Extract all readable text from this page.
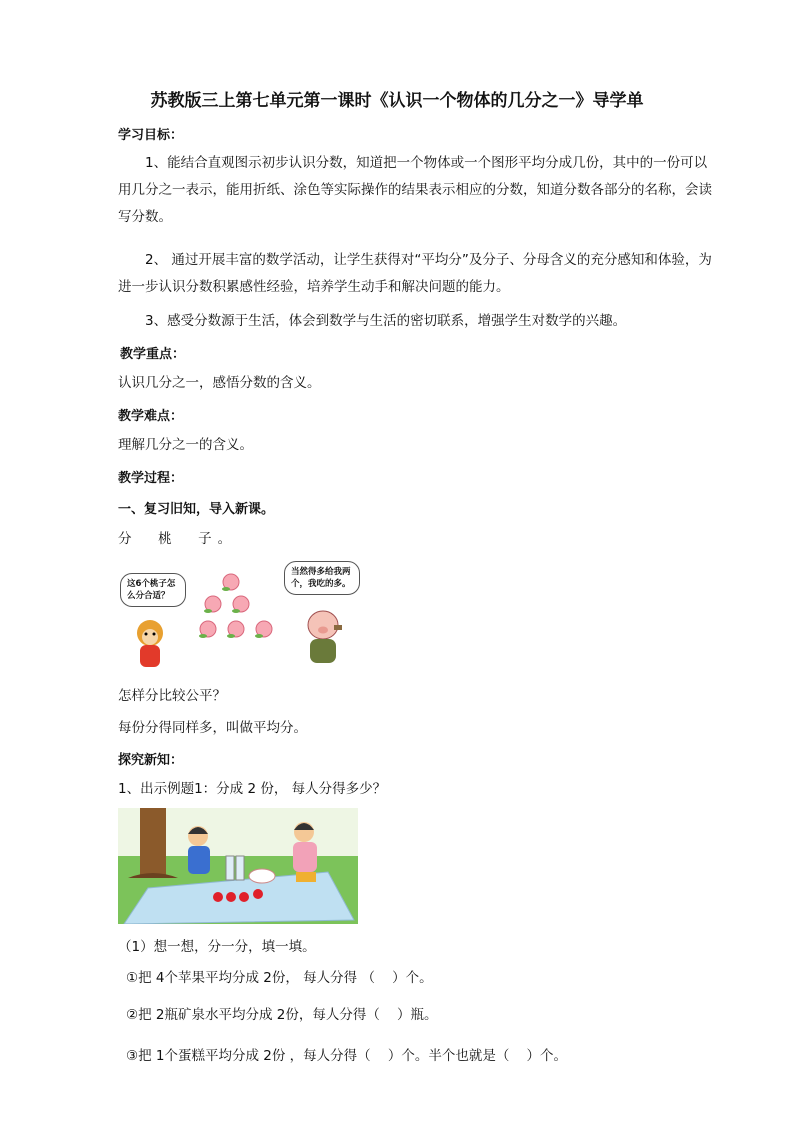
苏教版三上第七单元第一课时《认识一个物体的几分之一》导学单
学习目标：
1、能结合直观图示初步认识分数，知道把一个物体或一个图形平均分成几份，其中的一份可以用几分之一表示，能用折纸、涂色等实际操作的结果表示相应的分数，知道分数各部分的名称，会读写分数。
2、 通过开展丰富的数学活动，让学生获得对“平均分”及分子、分母含义的充分感知和体验，为进一步认识分数积累感性经验，培养学生动手和解决问题的能力。
3、感受分数源于生活，体会到数学与生活的密切联系，增强学生对数学的兴趣。
教学重点：
认识几分之一，感悟分数的含义。
教学难点：
理解几分之一的含义。
教学过程：
一、复习旧知，导入新课。
分  桃  子。
这6个桃子怎么分合适？
当然得多给我两个，我吃的多。
怎样分比较公平？
每份分得同样多，叫做平均分。
探究新知：
1、出示例题1：分成 2 份， 每人分得多少？
（1）想一想，分一分，填一填。
①把 4个苹果平均分成 2份， 每人分得 （    ）个。
②把 2瓶矿泉水平均分成 2份，每人分得（    ）瓶。
③把 1个蛋糕平均分成 2份 ，每人分得（    ）个。半个也就是（    ）个。
